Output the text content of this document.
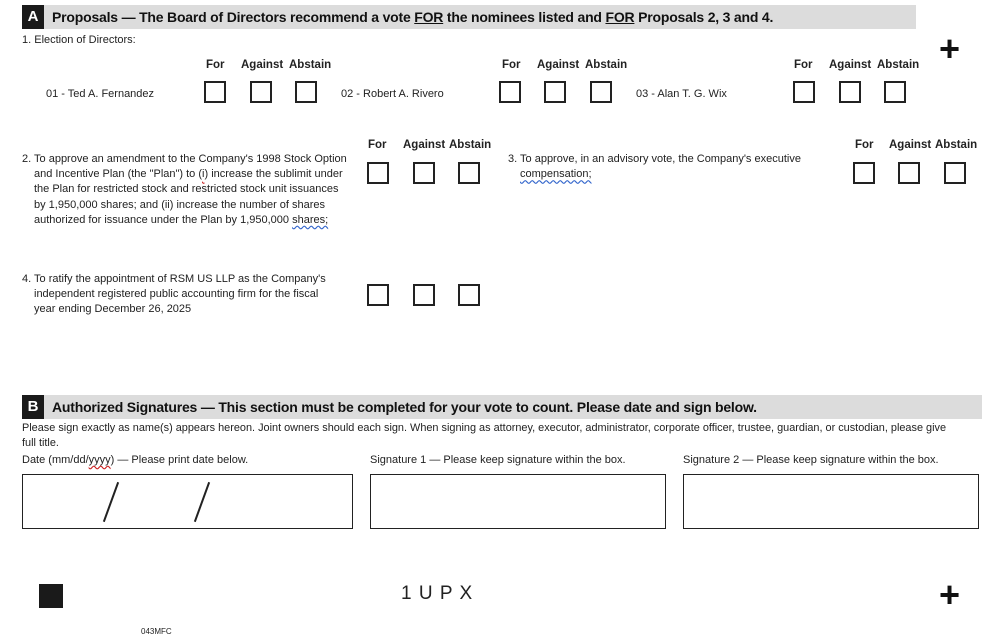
A Proposals — The Board of Directors recommend a vote FOR the nominees listed and FOR Proposals 2, 3 and 4.
+
1. Election of Directors:
For Against Abstain
01 - Ted A. Fernandez
For Against Abstain
02 - Robert A. Rivero
For Against Abstain
03 - Alan T. G. Wix
2. To approve an amendment to the Company's 1998 Stock Option
and Incentive Plan (the "Plan") to (i) increase the sublimit under
the Plan for restricted stock and restricted stock unit issuances
by 1,950,000 shares; and (ii) increase the number of shares
authorized for issuance under the Plan by 1,950,000 shares;
For Against Abstain
3. To approve, in an advisory vote, the Company's executive
compensation;
For Against Abstain
4. To ratify the appointment of RSM US LLP as the Company's
independent registered public accounting firm for the fiscal
year ending December 26, 2025
B Authorized Signatures — This section must be completed for your vote to count. Please date and sign below.
Please sign exactly as name(s) appears hereon. Joint owners should each sign. When signing as attorney, executor, administrator, corporate officer, trustee, guardian, or custodian, please give
full title.
Date (mm/dd/yyyy) — Please print date below.	Signature 1 — Please keep signature within the box.	Signature 2 — Please keep signature within the box.
1 U P X	+
043MFC
